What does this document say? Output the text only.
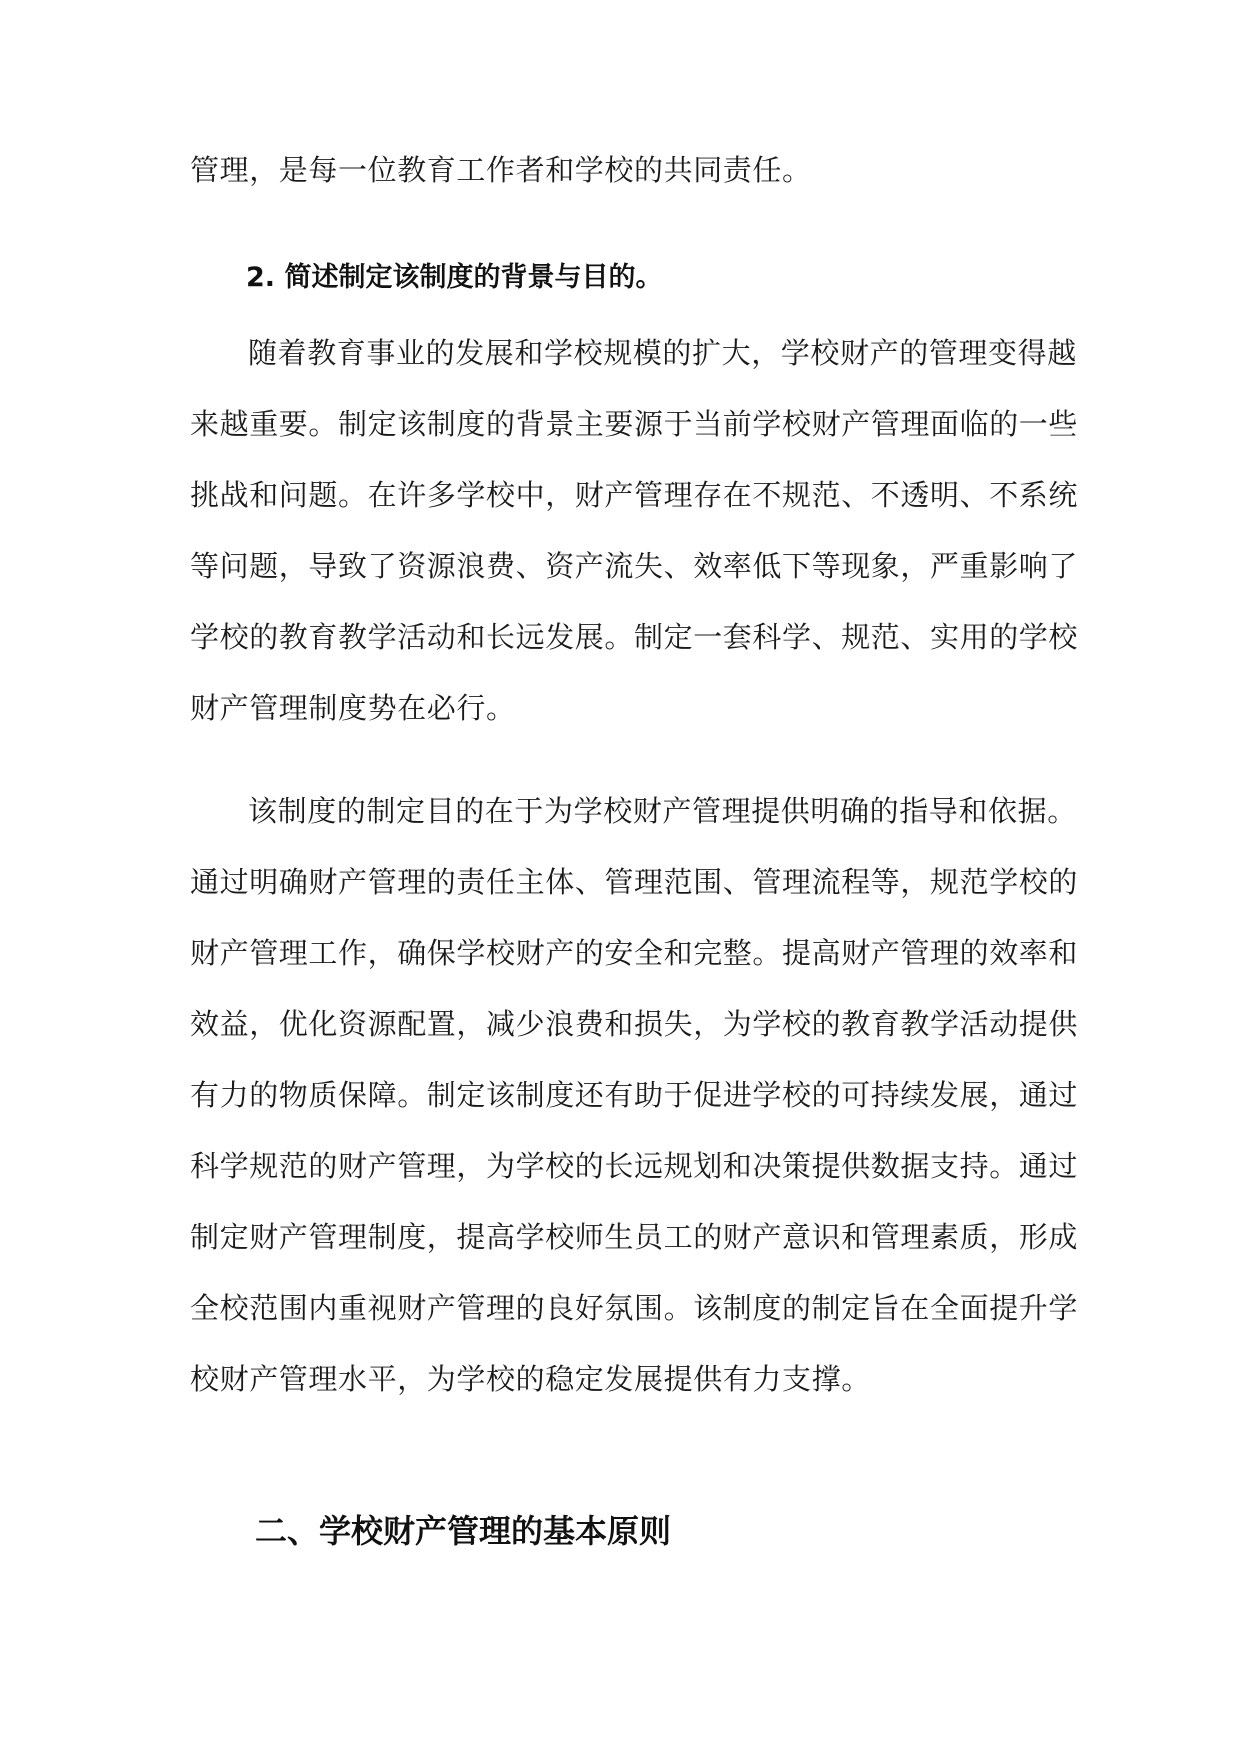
管理，是每一位教育工作者和学校的共同责任。
2. 简述制定该制度的背景与目的。
随着教育事业的发展和学校规模的扩大，学校财产的管理变得越
来越重要。制定该制度的背景主要源于当前学校财产管理面临的一些
挑战和问题。在许多学校中，财产管理存在不规范、不透明、不系统
等问题，导致了资源浪费、资产流失、效率低下等现象，严重影响了
学校的教育教学活动和长远发展。制定一套科学、规范、实用的学校
财产管理制度势在必行。
该制度的制定目的在于为学校财产管理提供明确的指导和依据。
通过明确财产管理的责任主体、管理范围、管理流程等，规范学校的
财产管理工作，确保学校财产的安全和完整。提高财产管理的效率和
效益，优化资源配置，减少浪费和损失，为学校的教育教学活动提供
有力的物质保障。制定该制度还有助于促进学校的可持续发展，通过
科学规范的财产管理，为学校的长远规划和决策提供数据支持。通过
制定财产管理制度，提高学校师生员工的财产意识和管理素质，形成
全校范围内重视财产管理的良好氛围。该制度的制定旨在全面提升学
校财产管理水平，为学校的稳定发展提供有力支撑。
二、学校财产管理的基本原则
